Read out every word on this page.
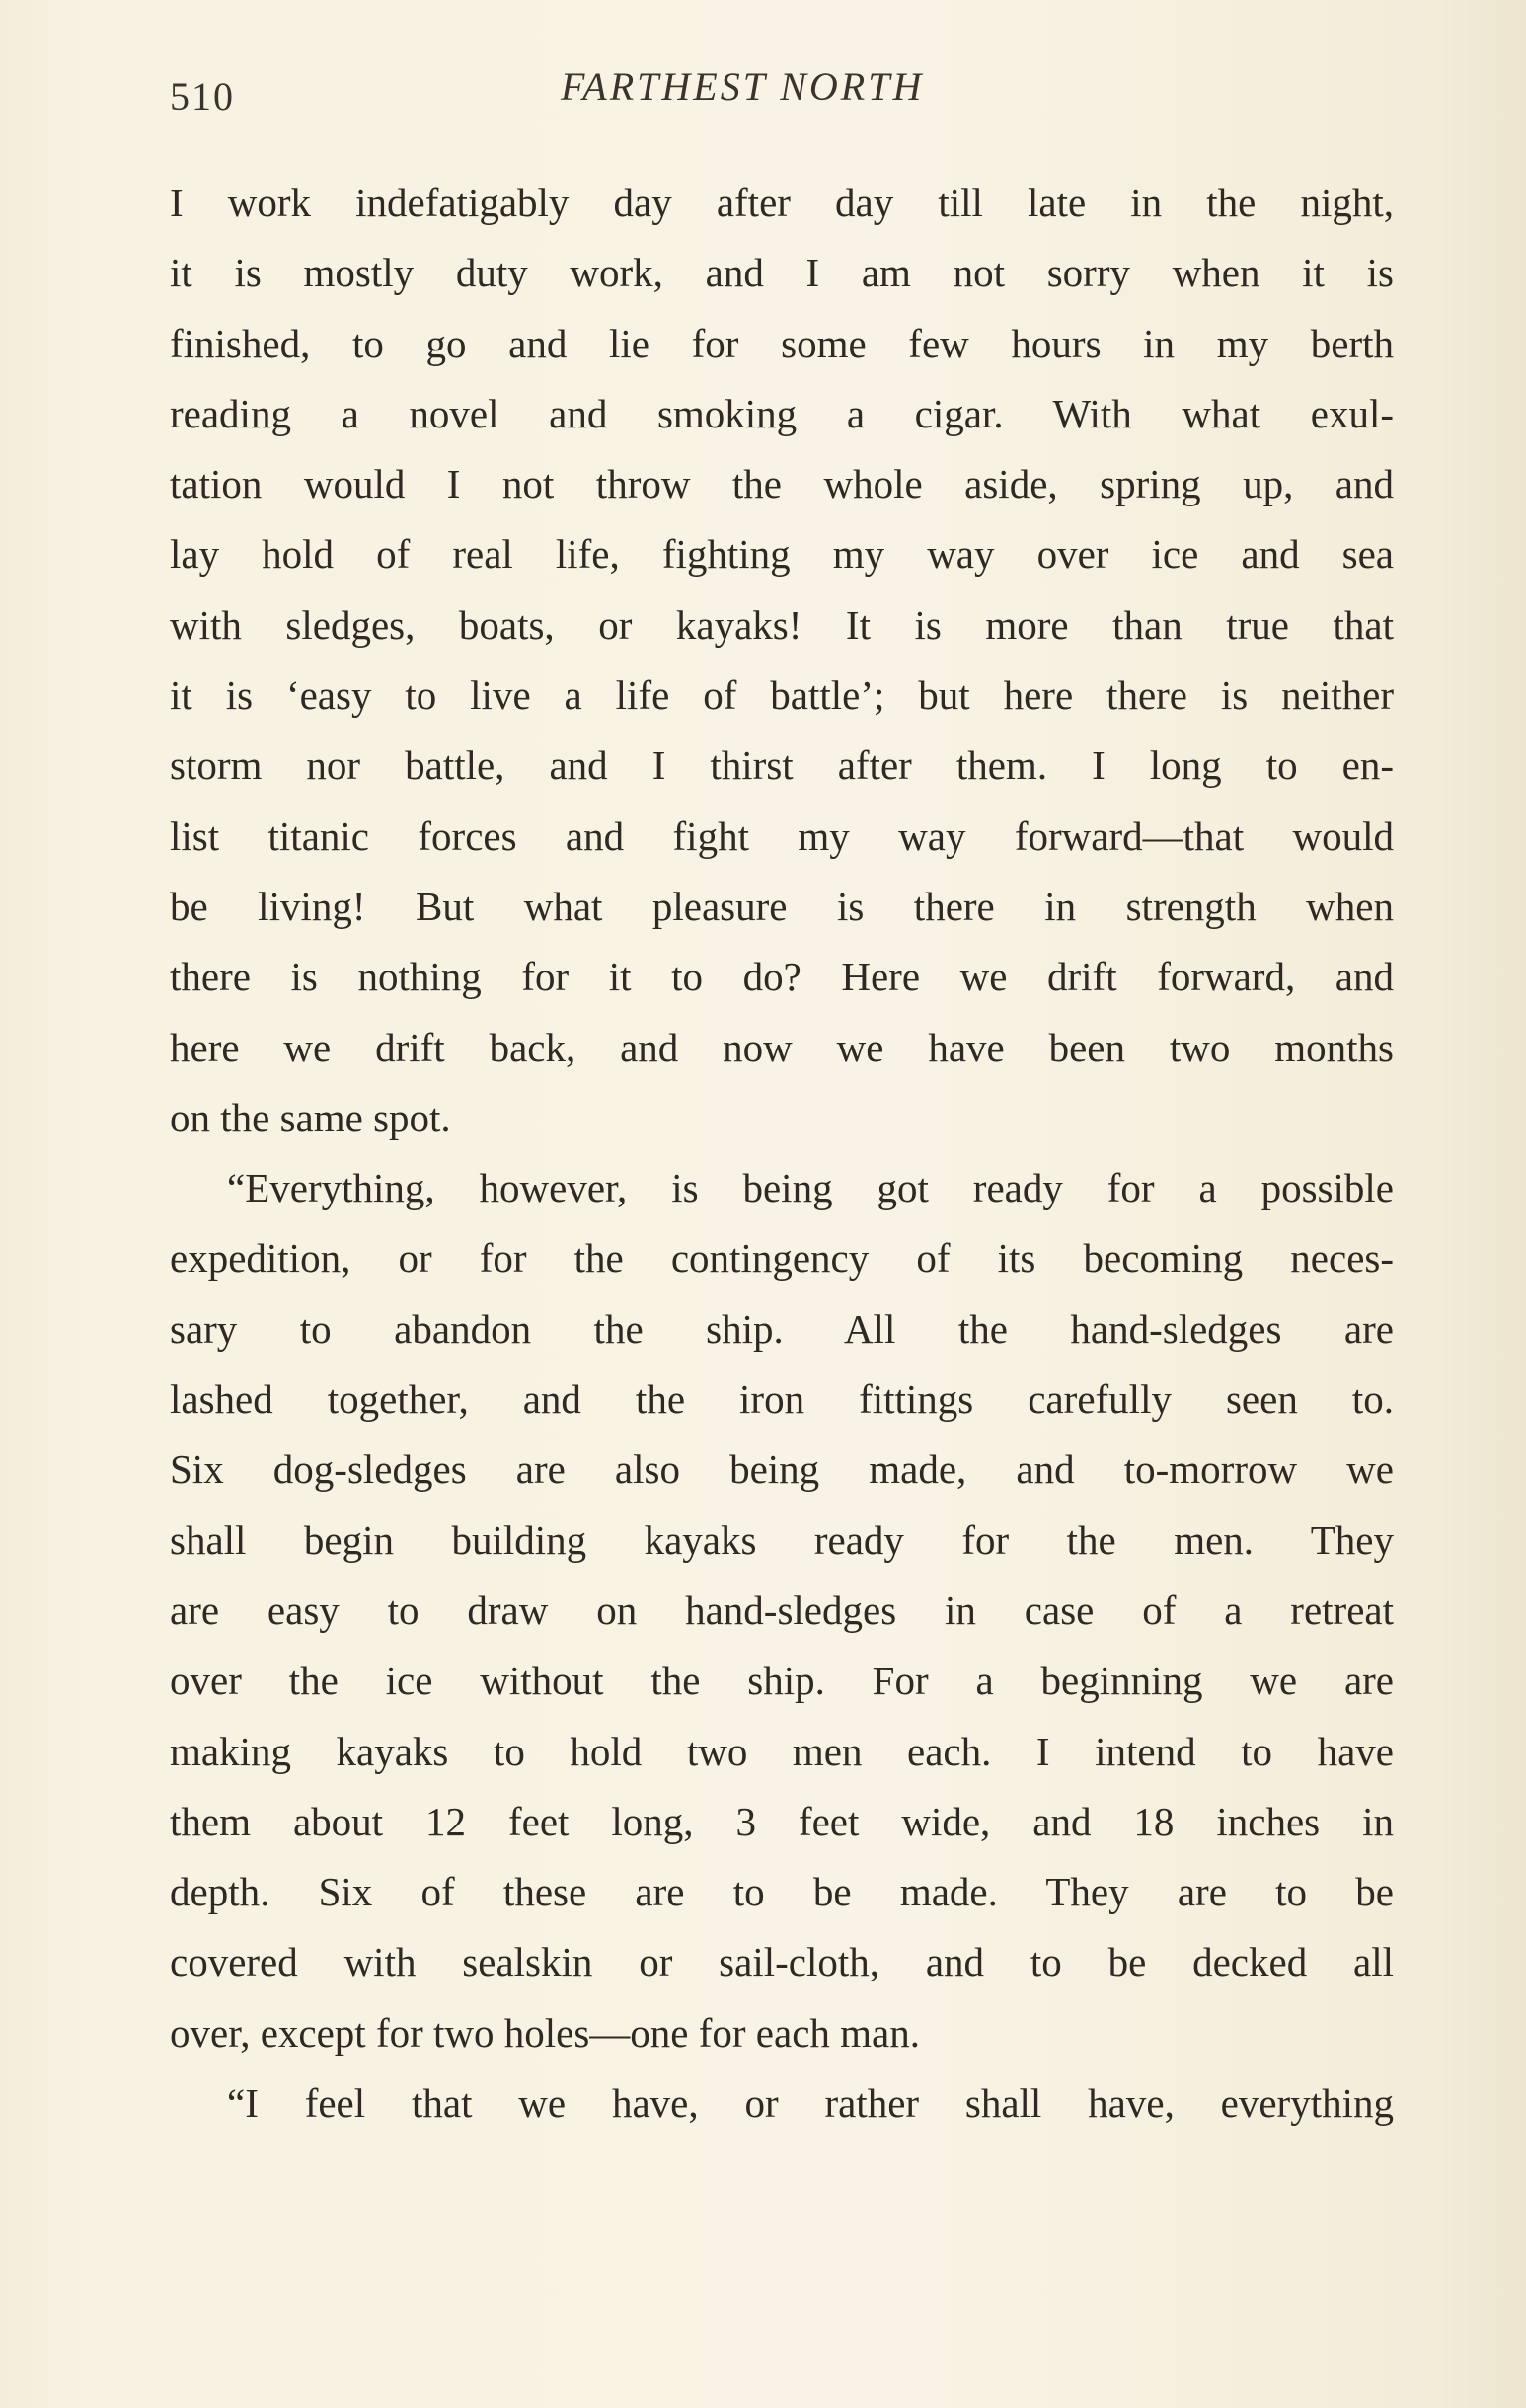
510	FARTHEST NORTH
I work indefatigably day after day till late in the night,
it is mostly duty work, and I am not sorry when it is
finished, to go and lie for some few hours in my berth
reading a novel and smoking a cigar. With what exul-
tation would I not throw the whole aside, spring up, and
lay hold of real life, fighting my way over ice and sea
with sledges, boats, or kayaks! It is more than true that
it is ‘easy to live a life of battle’; but here there is neither
storm nor battle, and I thirst after them. I long to en-
list titanic forces and fight my way forward—that would
be living! But what pleasure is there in strength when
there is nothing for it to do? Here we drift forward, and
here we drift back, and now we have been two months
on the same spot.
“Everything, however, is being got ready for a possible
expedition, or for the contingency of its becoming neces-
sary to abandon the ship. All the hand-sledges are
lashed together, and the iron fittings carefully seen to.
Six dog-sledges are also being made, and to-morrow we
shall begin building kayaks ready for the men. They
are easy to draw on hand-sledges in case of a retreat
over the ice without the ship. For a beginning we are
making kayaks to hold two men each. I intend to have
them about 12 feet long, 3 feet wide, and 18 inches in
depth. Six of these are to be made. They are to be
covered with sealskin or sail-cloth, and to be decked all
over, except for two holes—one for each man.
“I feel that we have, or rather shall have, everything
